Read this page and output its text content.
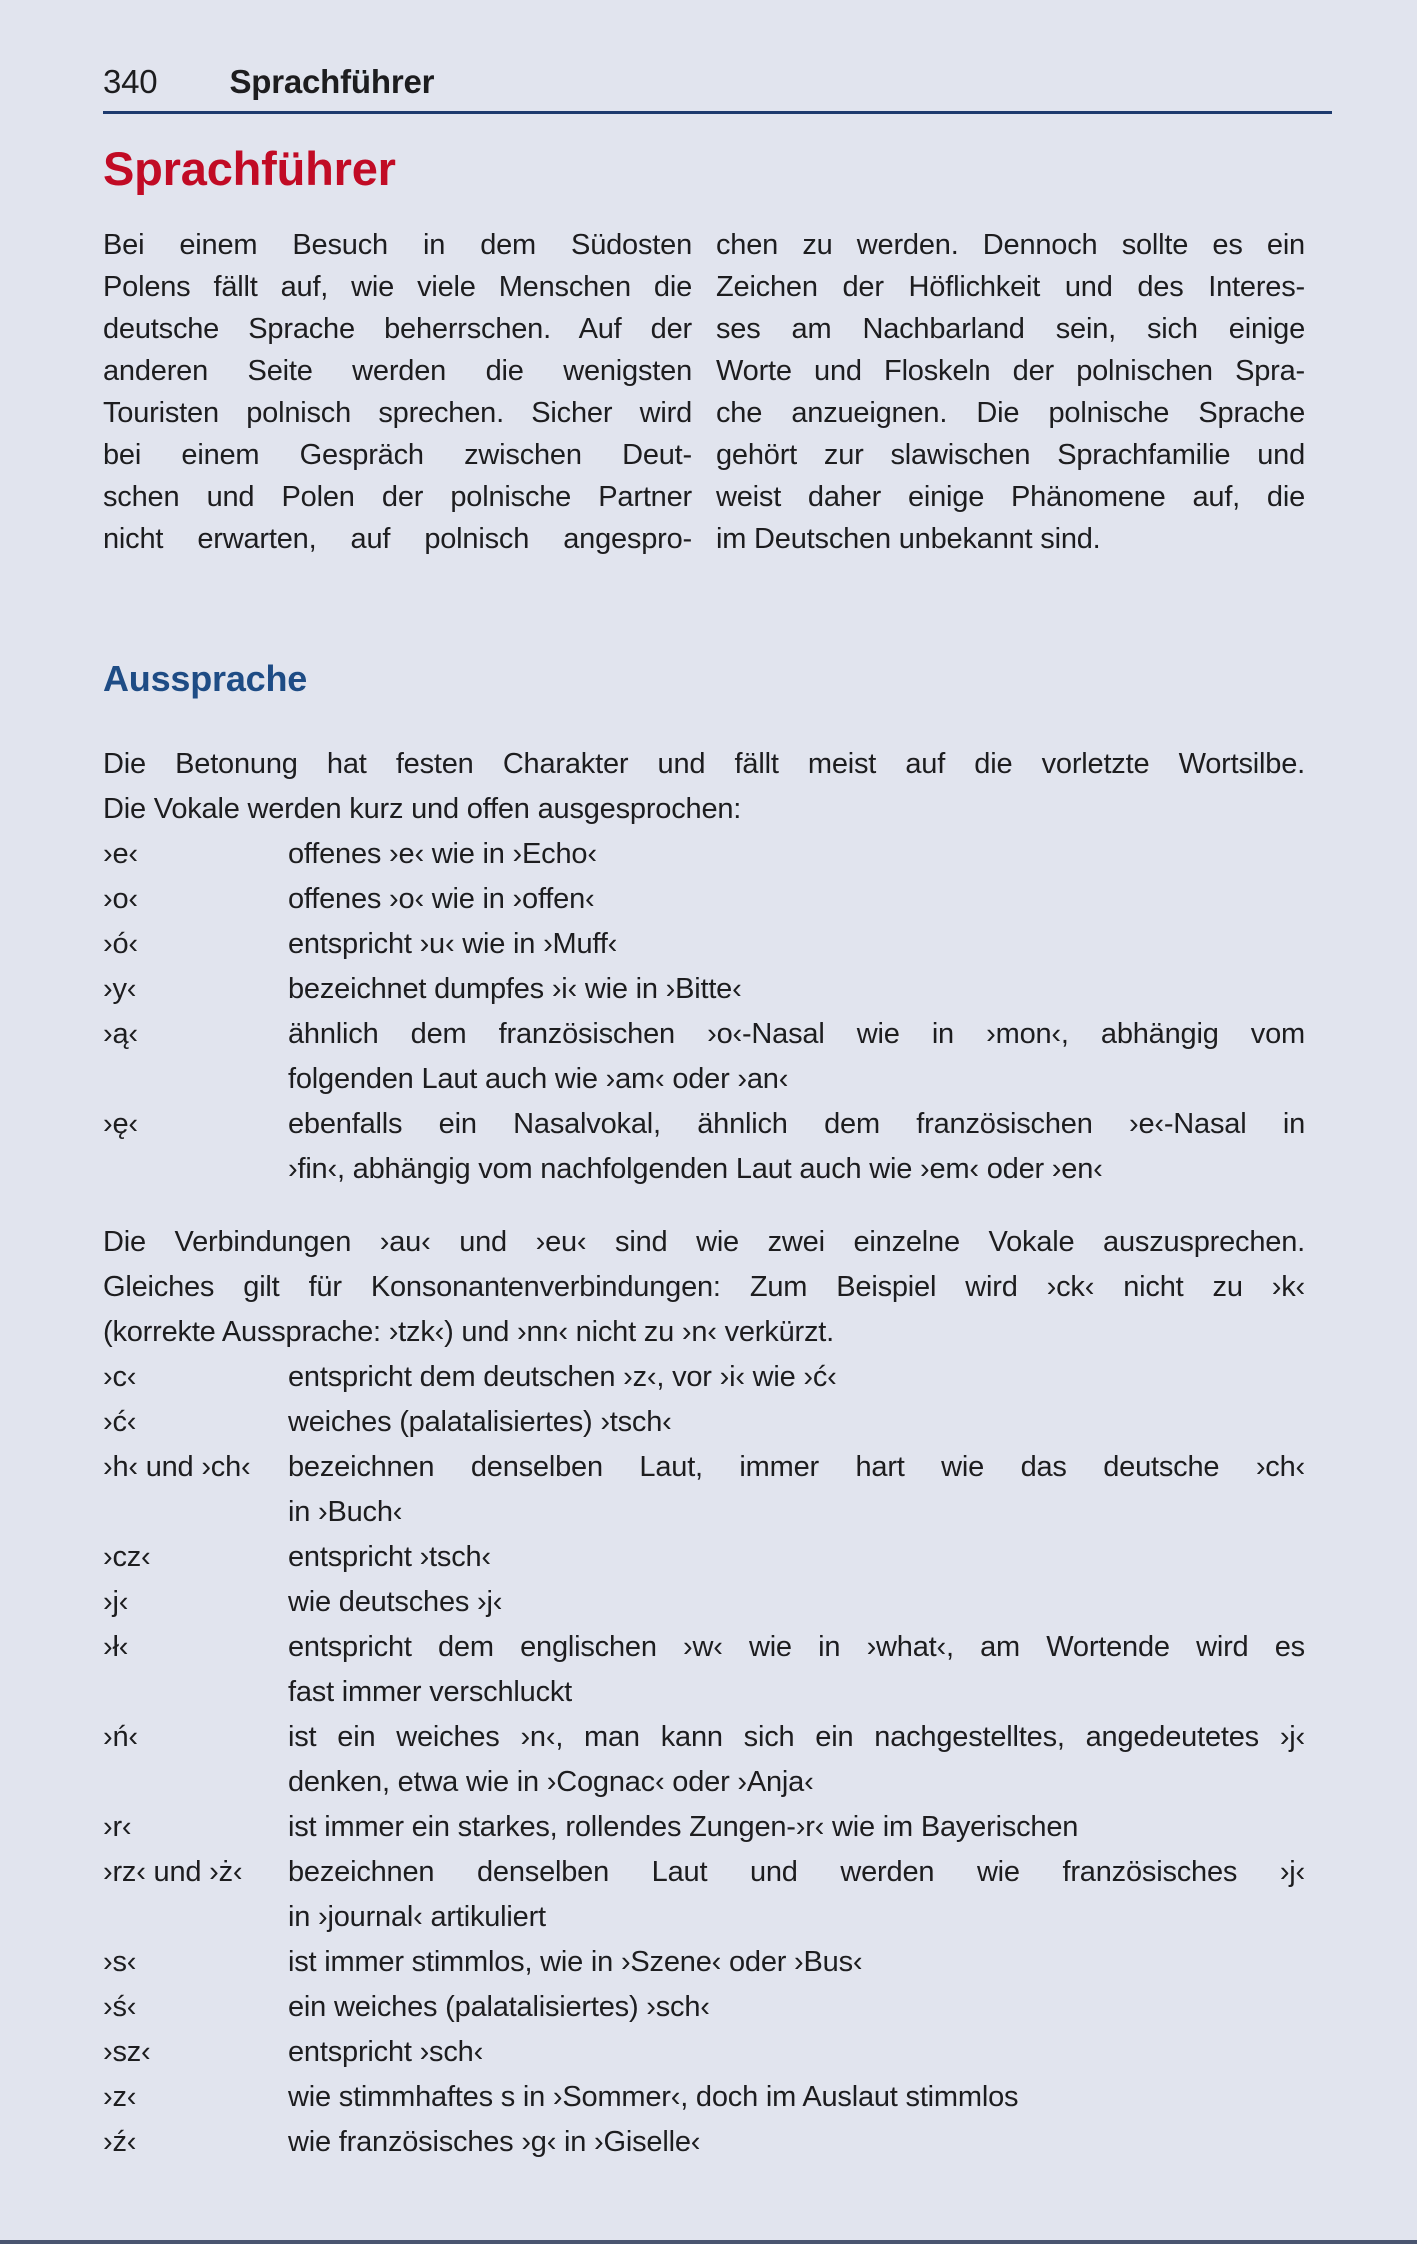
340 Sprachführer
Sprachführer
Bei einem Besuch in dem Südosten
Polens fällt auf, wie viele Menschen die
deutsche Sprache beherrschen. Auf der
anderen Seite werden die wenigsten
Touristen polnisch sprechen. Sicher wird
bei einem Gespräch zwischen Deut-
schen und Polen der polnische Partner
nicht erwarten, auf polnisch angespro-
chen zu werden. Dennoch sollte es ein
Zeichen der Höflichkeit und des Interes-
ses am Nachbarland sein, sich einige
Worte und Floskeln der polnischen Spra-
che anzueignen. Die polnische Sprache
gehört zur slawischen Sprachfamilie und
weist daher einige Phänomene auf, die
im Deutschen unbekannt sind.
Aussprache
Die Betonung hat festen Charakter und fällt meist auf die vorletzte Wortsilbe.
Die Vokale werden kurz und offen ausgesprochen:
›e‹	offenes ›e‹ wie in ›Echo‹
›o‹	offenes ›o‹ wie in ›offen‹
›ó‹	entspricht ›u‹ wie in ›Muff‹
›y‹	bezeichnet dumpfes ›i‹ wie in ›Bitte‹
›ą‹	ähnlich dem französischen ›o‹-Nasal wie in ›mon‹, abhängig vom
folgenden Laut auch wie ›am‹ oder ›an‹
›ę‹	ebenfalls ein Nasalvokal, ähnlich dem französischen ›e‹-Nasal in
›fin‹, abhängig vom nachfolgenden Laut auch wie ›em‹ oder ›en‹
Die Verbindungen ›au‹ und ›eu‹ sind wie zwei einzelne Vokale auszusprechen.
Gleiches gilt für Konsonantenverbindungen: Zum Beispiel wird ›ck‹ nicht zu ›k‹
(korrekte Aussprache: ›tzk‹) und ›nn‹ nicht zu ›n‹ verkürzt.
›c‹	entspricht dem deutschen ›z‹, vor ›i‹ wie ›ć‹
›ć‹	weiches (palatalisiertes) ›tsch‹
›h‹ und ›ch‹	bezeichnen denselben Laut, immer hart wie das deutsche ›ch‹
in ›Buch‹
›cz‹	entspricht ›tsch‹
›j‹	wie deutsches ›j‹
›ł‹	entspricht dem englischen ›w‹ wie in ›what‹, am Wortende wird es
fast immer verschluckt
›ń‹	ist ein weiches ›n‹, man kann sich ein nachgestelltes, angedeutetes ›j‹
denken, etwa wie in ›Cognac‹ oder ›Anja‹
›r‹	ist immer ein starkes, rollendes Zungen-›r‹ wie im Bayerischen
›rz‹ und ›ż‹	bezeichnen denselben Laut und werden wie französisches ›j‹
in ›journal‹ artikuliert
›s‹	ist immer stimmlos, wie in ›Szene‹ oder ›Bus‹
›ś‹	ein weiches (palatalisiertes) ›sch‹
›sz‹	entspricht ›sch‹
›z‹	wie stimmhaftes s in ›Sommer‹, doch im Auslaut stimmlos
›ź‹	wie französisches ›g‹ in ›Giselle‹
